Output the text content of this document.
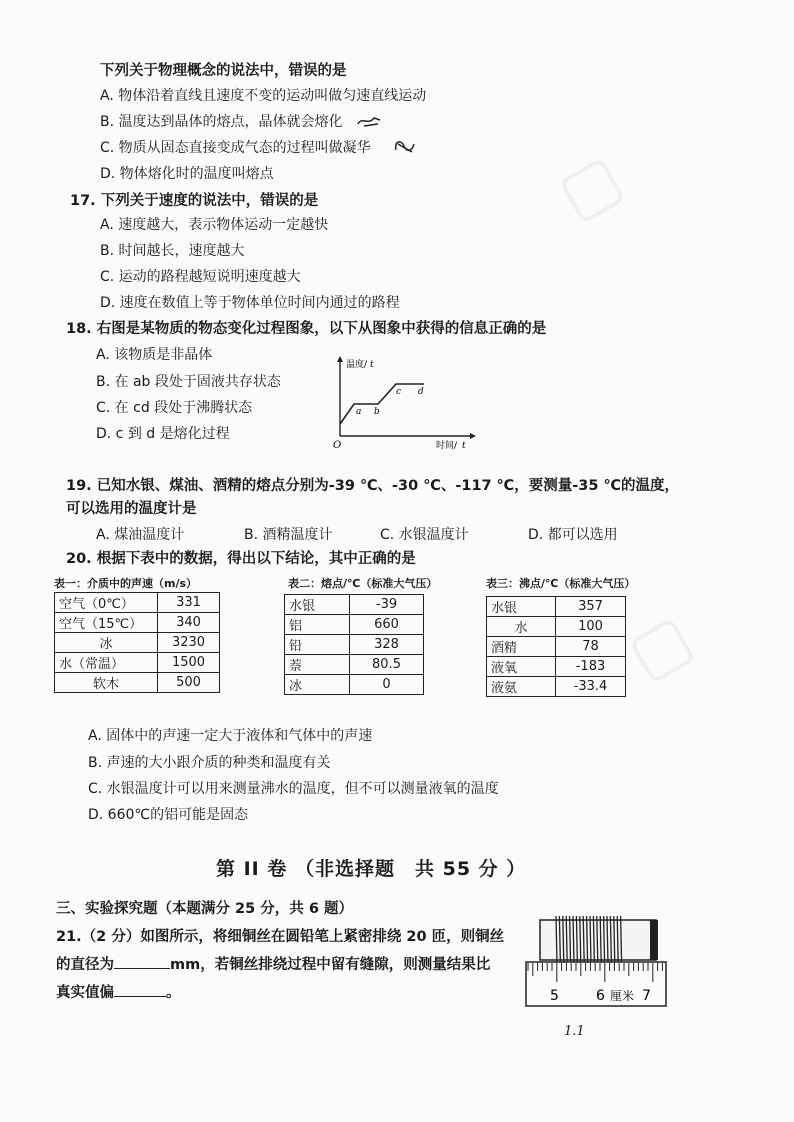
▢
▢
下列关于物理概念的说法中，错误的是
A. 物体沿着直线且速度不变的运动叫做匀速直线运动
B. 温度达到晶体的熔点，晶体就会熔化
C. 物质从固态直接变成气态的过程叫做凝华
D. 物体熔化时的温度叫熔点
17. 下列关于速度的说法中，错误的是
A. 速度越大，表示物体运动一定越快
B. 时间越长，速度越大
C. 运动的路程越短说明速度越大
D. 速度在数值上等于物体单位时间内通过的路程
18. 右图是某物质的物态变化过程图象，以下从图象中获得的信息正确的是
A. 该物质是非晶体
B. 在 ab 段处于固液共存状态
C. 在 cd 段处于沸腾状态
D. c 到 d 是熔化过程
温度/ t
时间/ t
O
a b
c d
19. 已知水银、煤油、酒精的熔点分别为-39 ℃、-30 ℃、-117 ℃，要测量-35 ℃的温度，
可以选用的温度计是
A. 煤油温度计	B. 酒精温度计	C. 水银温度计	D. 都可以选用
20. 根据下表中的数据，得出以下结论，其中正确的是
表一：介质中的声速（m/s）
空气（0℃）	331
空气（15℃）	340
冰	3230
水（常温）	1500
软木	500
表二：熔点/℃（标准大气压）
水银	-39
铝	660
铅	328
萘	80.5
冰	0
表三：沸点/℃（标准大气压）
水银	357
水	100
酒精	78
液氧	-183
液氨	-33.4
A. 固体中的声速一定大于液体和气体中的声速
B. 声速的大小跟介质的种类和温度有关
C. 水银温度计可以用来测量沸水的温度，但不可以测量液氧的温度
D. 660℃的铝可能是固态
第 II 卷 （非选择题　共 55 分 ）
三、实验探究题（本题满分 25 分，共 6 题）
21.（2 分）如图所示，将细铜丝在圆铅笔上紧密排绕 20 匝，则铜丝
的直径为	mm，若铜丝排绕过程中留有缝隙，则测量结果比
真实值偏	。	5	6 厘米 7
1.1
